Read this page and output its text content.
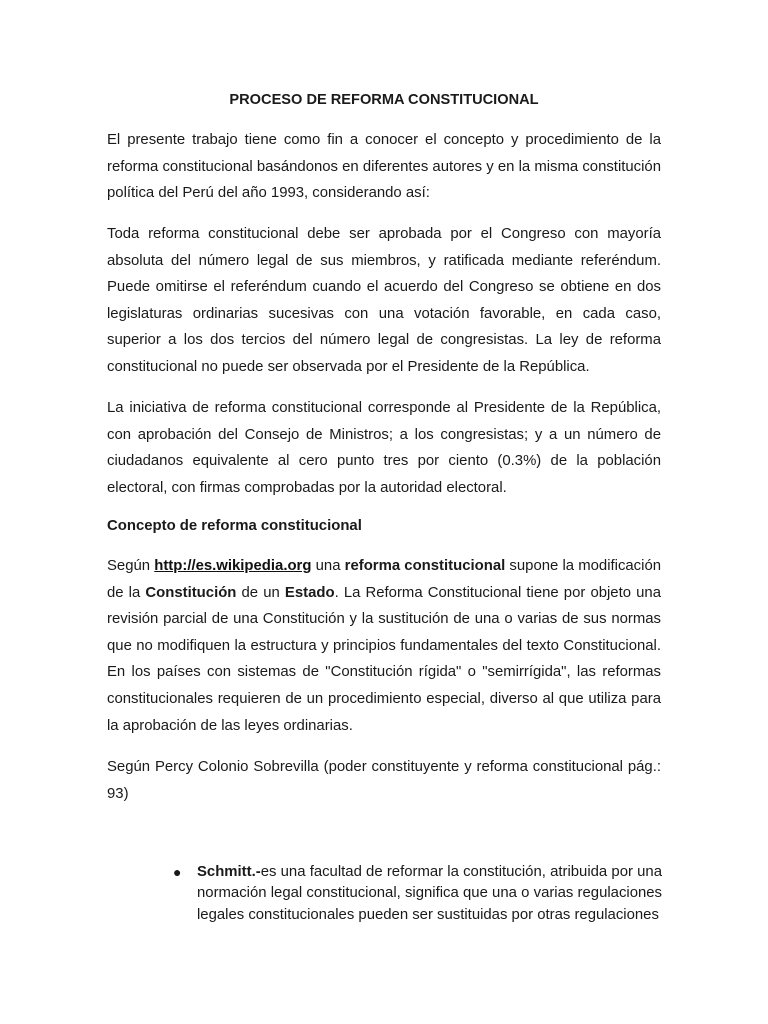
PROCESO DE REFORMA CONSTITUCIONAL

El presente trabajo tiene como fin a conocer el concepto y procedimiento de la reforma constitucional basándonos en diferentes autores y en la misma constitución política del Perú del año 1993, considerando así:

Toda reforma constitucional debe ser aprobada por el Congreso con mayoría absoluta del número legal de sus miembros, y ratificada mediante referéndum. Puede omitirse el referéndum cuando el acuerdo del Congreso se obtiene en dos legislaturas ordinarias sucesivas con una votación favorable, en cada caso, superior a los dos tercios del número legal de congresistas. La ley de reforma constitucional no puede ser observada por el Presidente de la República.

La iniciativa de reforma constitucional corresponde al Presidente de la República, con aprobación del Consejo de Ministros; a los congresistas; y a un número de ciudadanos equivalente al cero punto tres por ciento (0.3%) de la población electoral, con firmas comprobadas por la autoridad electoral.

Concepto de reforma constitucional

Según http://es.wikipedia.org una reforma constitucional supone la modificación de la Constitución de un Estado. La Reforma Constitucional tiene por objeto una revisión parcial de una Constitución y la sustitución de una o varias de sus normas que no modifiquen la estructura y principios fundamentales del texto Constitucional. En los países con sistemas de "Constitución rígida" o "semirrígida", las reformas constitucionales requieren de un procedimiento especial, diverso al que utiliza para la aprobación de las leyes ordinarias.

Según Percy Colonio Sobrevilla (poder constituyente y reforma constitucional pág.: 93)

● Schmitt.-es una facultad de reformar la constitución, atribuida por una normación legal constitucional, significa que una o varias regulaciones legales constitucionales pueden ser sustituidas por otras regulaciones
